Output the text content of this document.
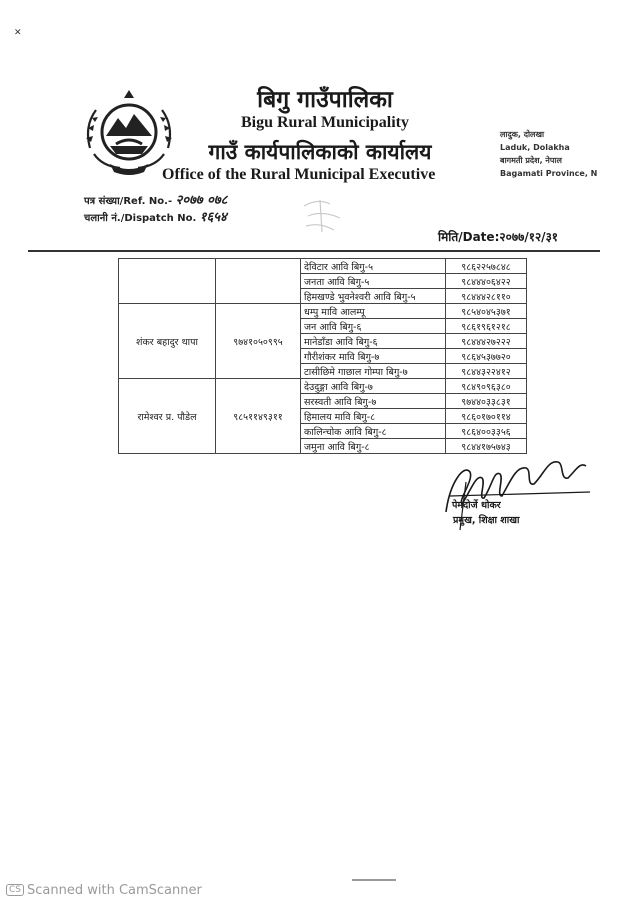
✕
बिगु गाउँपालिका
Bigu Rural Municipality
गाउँ कार्यपालिकाको कार्यालय
Office of the Rural Municipal Executive
लादुक, दोलखा
Laduk, Dolakha
बागमती प्रदेश, नेपाल
Bagamati Province, N
पत्र संख्या/Ref. No.- २०७७ ०७८
चलानी नं./Dispatch No. १६५४
मिति/Date:२०७७/१२/३१
		देविटार आवि बिगु-५	९८६२२५७८४८
		जनता आवि बिगु-५	९८४४४०६४२२
		हिमखण्डे भुवनेश्वरी आवि बिगु-५	९८४४४२८११०
शंकर बहादुर थापा	९७४१०५०९९५	धम्पु मावि आलम्पू	९८५४०४५३७१
		जन आवि बिगु-६	९८६१९६१२१८
		मानेडाँडा आवि बिगु-६	९८४४४२७२२२
		गौरीशंकर मावि बिगु-७	९८६४५३७७२०
		टासीछिमे गाछाल गोम्पा बिगु-७	९८४४३२२४१२
रामेश्वर प्र. पौडेल	९८५११४९३११	देउदुङ्गा आवि बिगु-७	९८४९०९६३८०
		सरस्वती आवि बिगु-७	९७४४०३३८३१
		हिमालय मावि बिगु-८	९८६०१७०११४
		कालिन्चोक आवि बिगु-८	९८६४००३३५६
		जमुना आवि बिगु-८	९८४४१७५७४३
पेमदोर्जे थोकर
प्रमुख, शिक्षा शाखा
CS Scanned with CamScanner
